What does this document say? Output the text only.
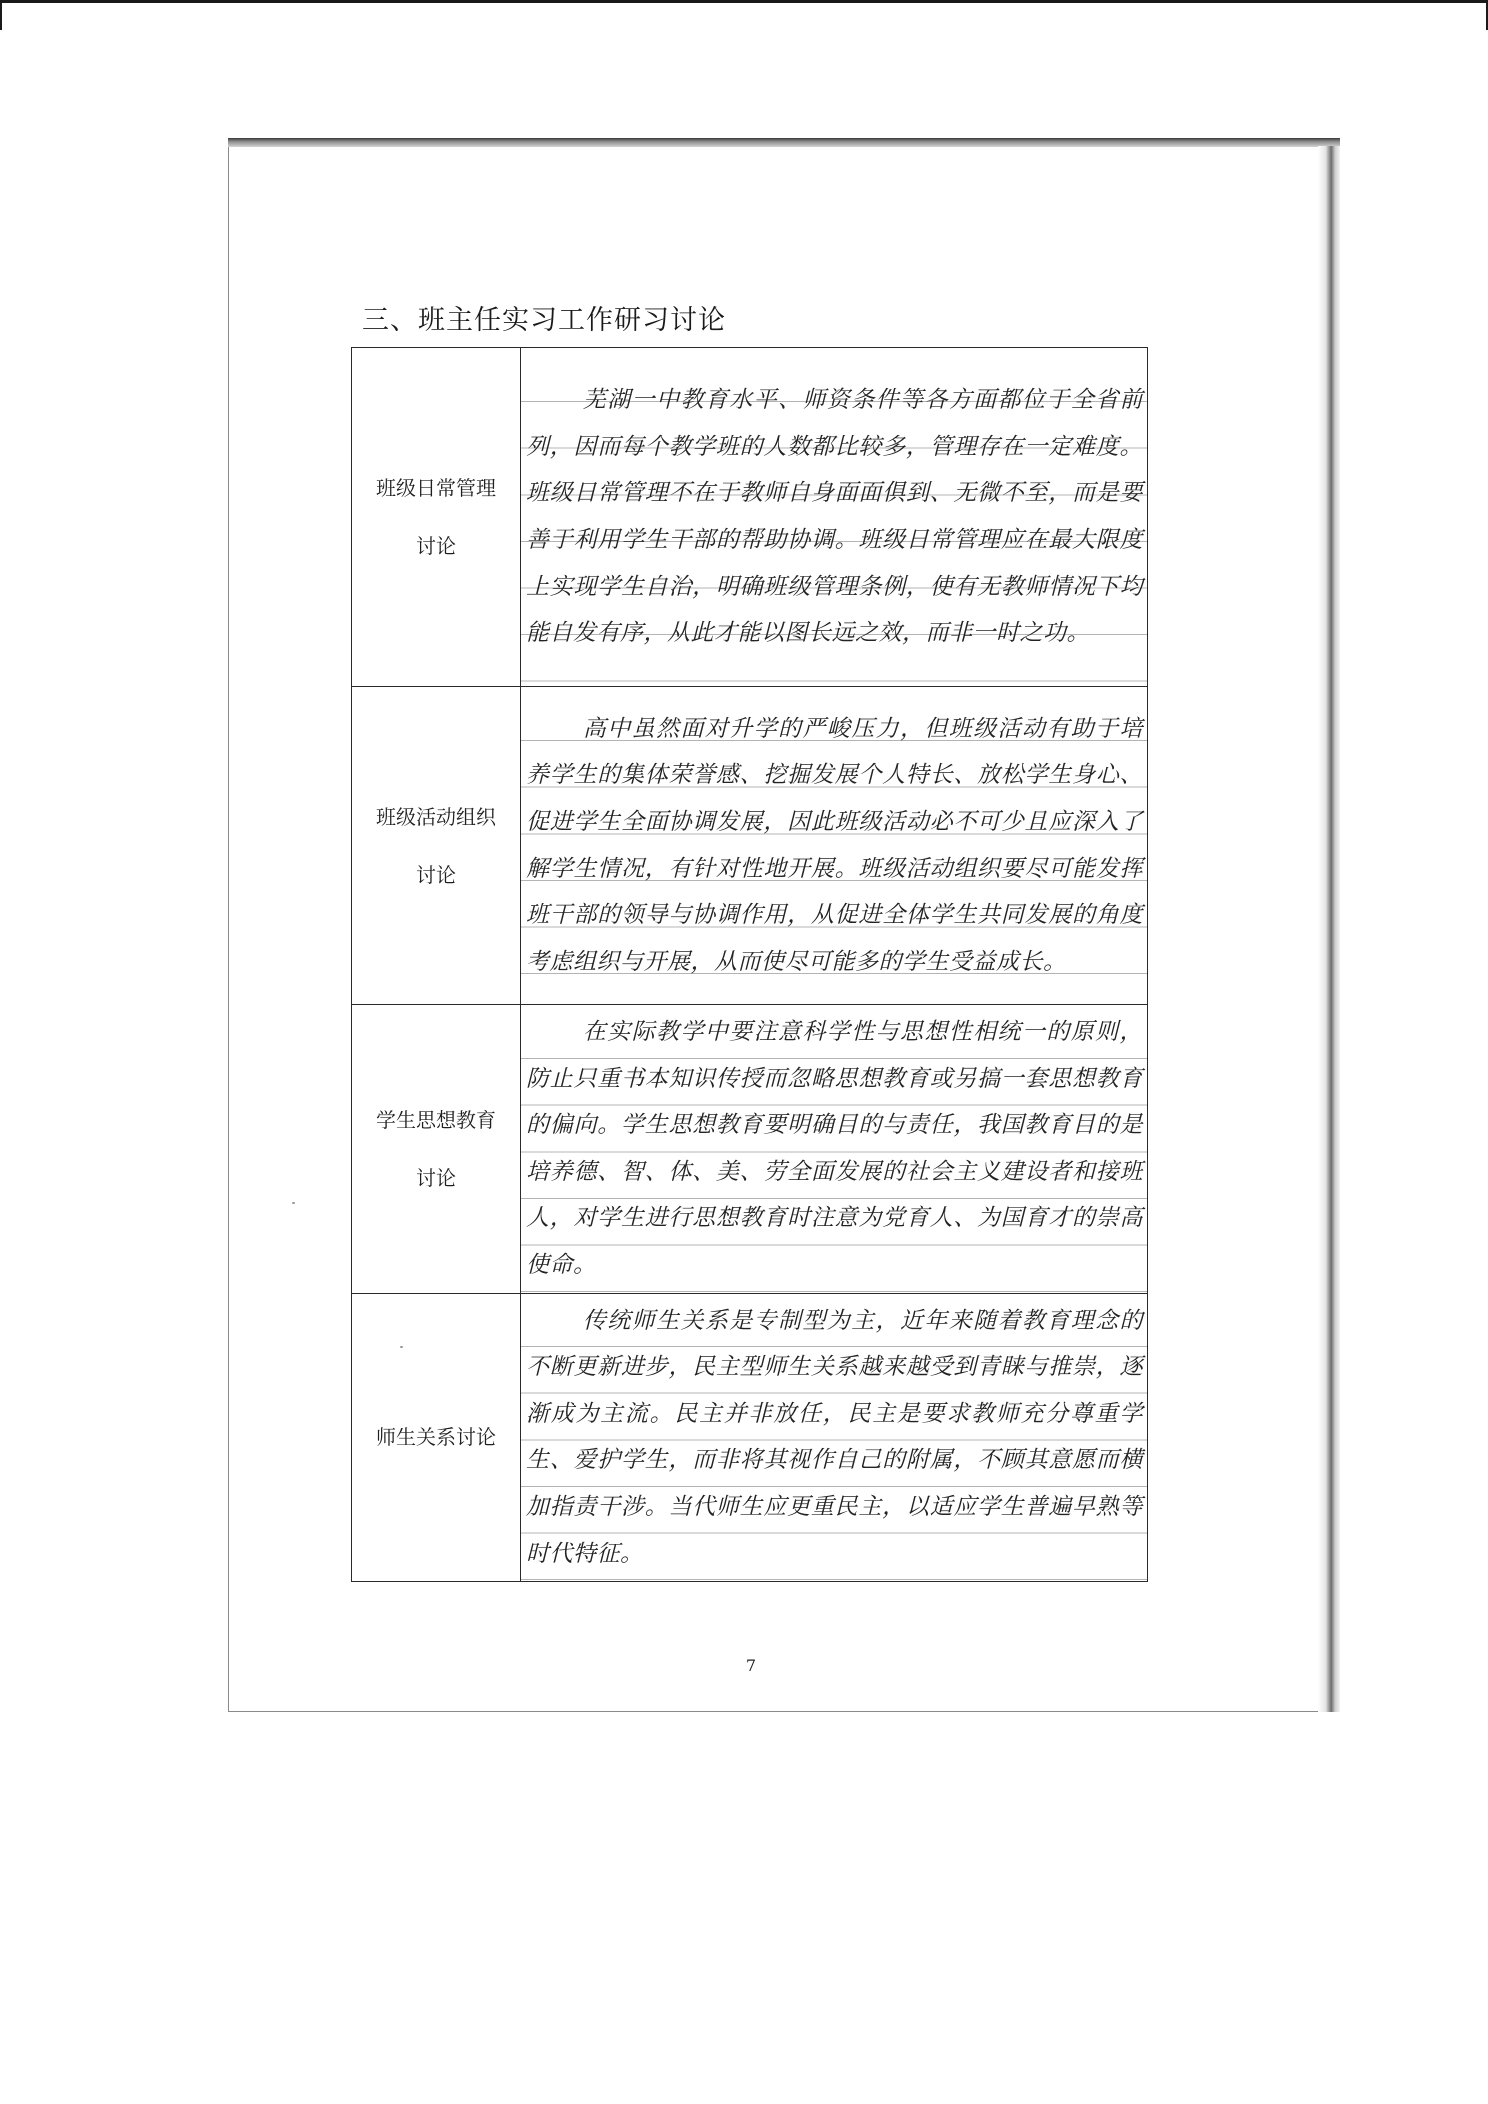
三、班主任实习工作研习讨论
班级日常管理
讨论	芜湖一中教育水平、师资条件等各方面都位于全省前列，因而每个教学班的人数都比较多，管理存在一定难度。班级日常管理不在于教师自身面面俱到、无微不至，而是要善于利用学生干部的帮助协调。班级日常管理应在最大限度上实现学生自治，明确班级管理条例，使有无教师情况下均能自发有序，从此才能以图长远之效，而非一时之功。

班级活动组织
讨论	高中虽然面对升学的严峻压力，但班级活动有助于培养学生的集体荣誉感、挖掘发展个人特长、放松学生身心、促进学生全面协调发展，因此班级活动必不可少且应深入了解学生情况，有针对性地开展。班级活动组织要尽可能发挥班干部的领导与协调作用，从促进全体学生共同发展的角度考虑组织与开展，从而使尽可能多的学生受益成长。

学生思想教育
讨论	在实际教学中要注意科学性与思想性相统一的原则，防止只重书本知识传授而忽略思想教育或另搞一套思想教育的偏向。学生思想教育要明确目的与责任，我国教育目的是培养德、智、体、美、劳全面发展的社会主义建设者和接班人，对学生进行思想教育时注意为党育人、为国育才的崇高使命。

师生关系讨论	传统师生关系是专制型为主，近年来随着教育理念的不断更新进步，民主型师生关系越来越受到青睐与推崇，逐渐成为主流。民主并非放任，民主是要求教师充分尊重学生、爱护学生，而非将其视作自己的附属，不顾其意愿而横加指责干涉。当代师生应更重民主，以适应学生普遍早熟等时代特征。
7
